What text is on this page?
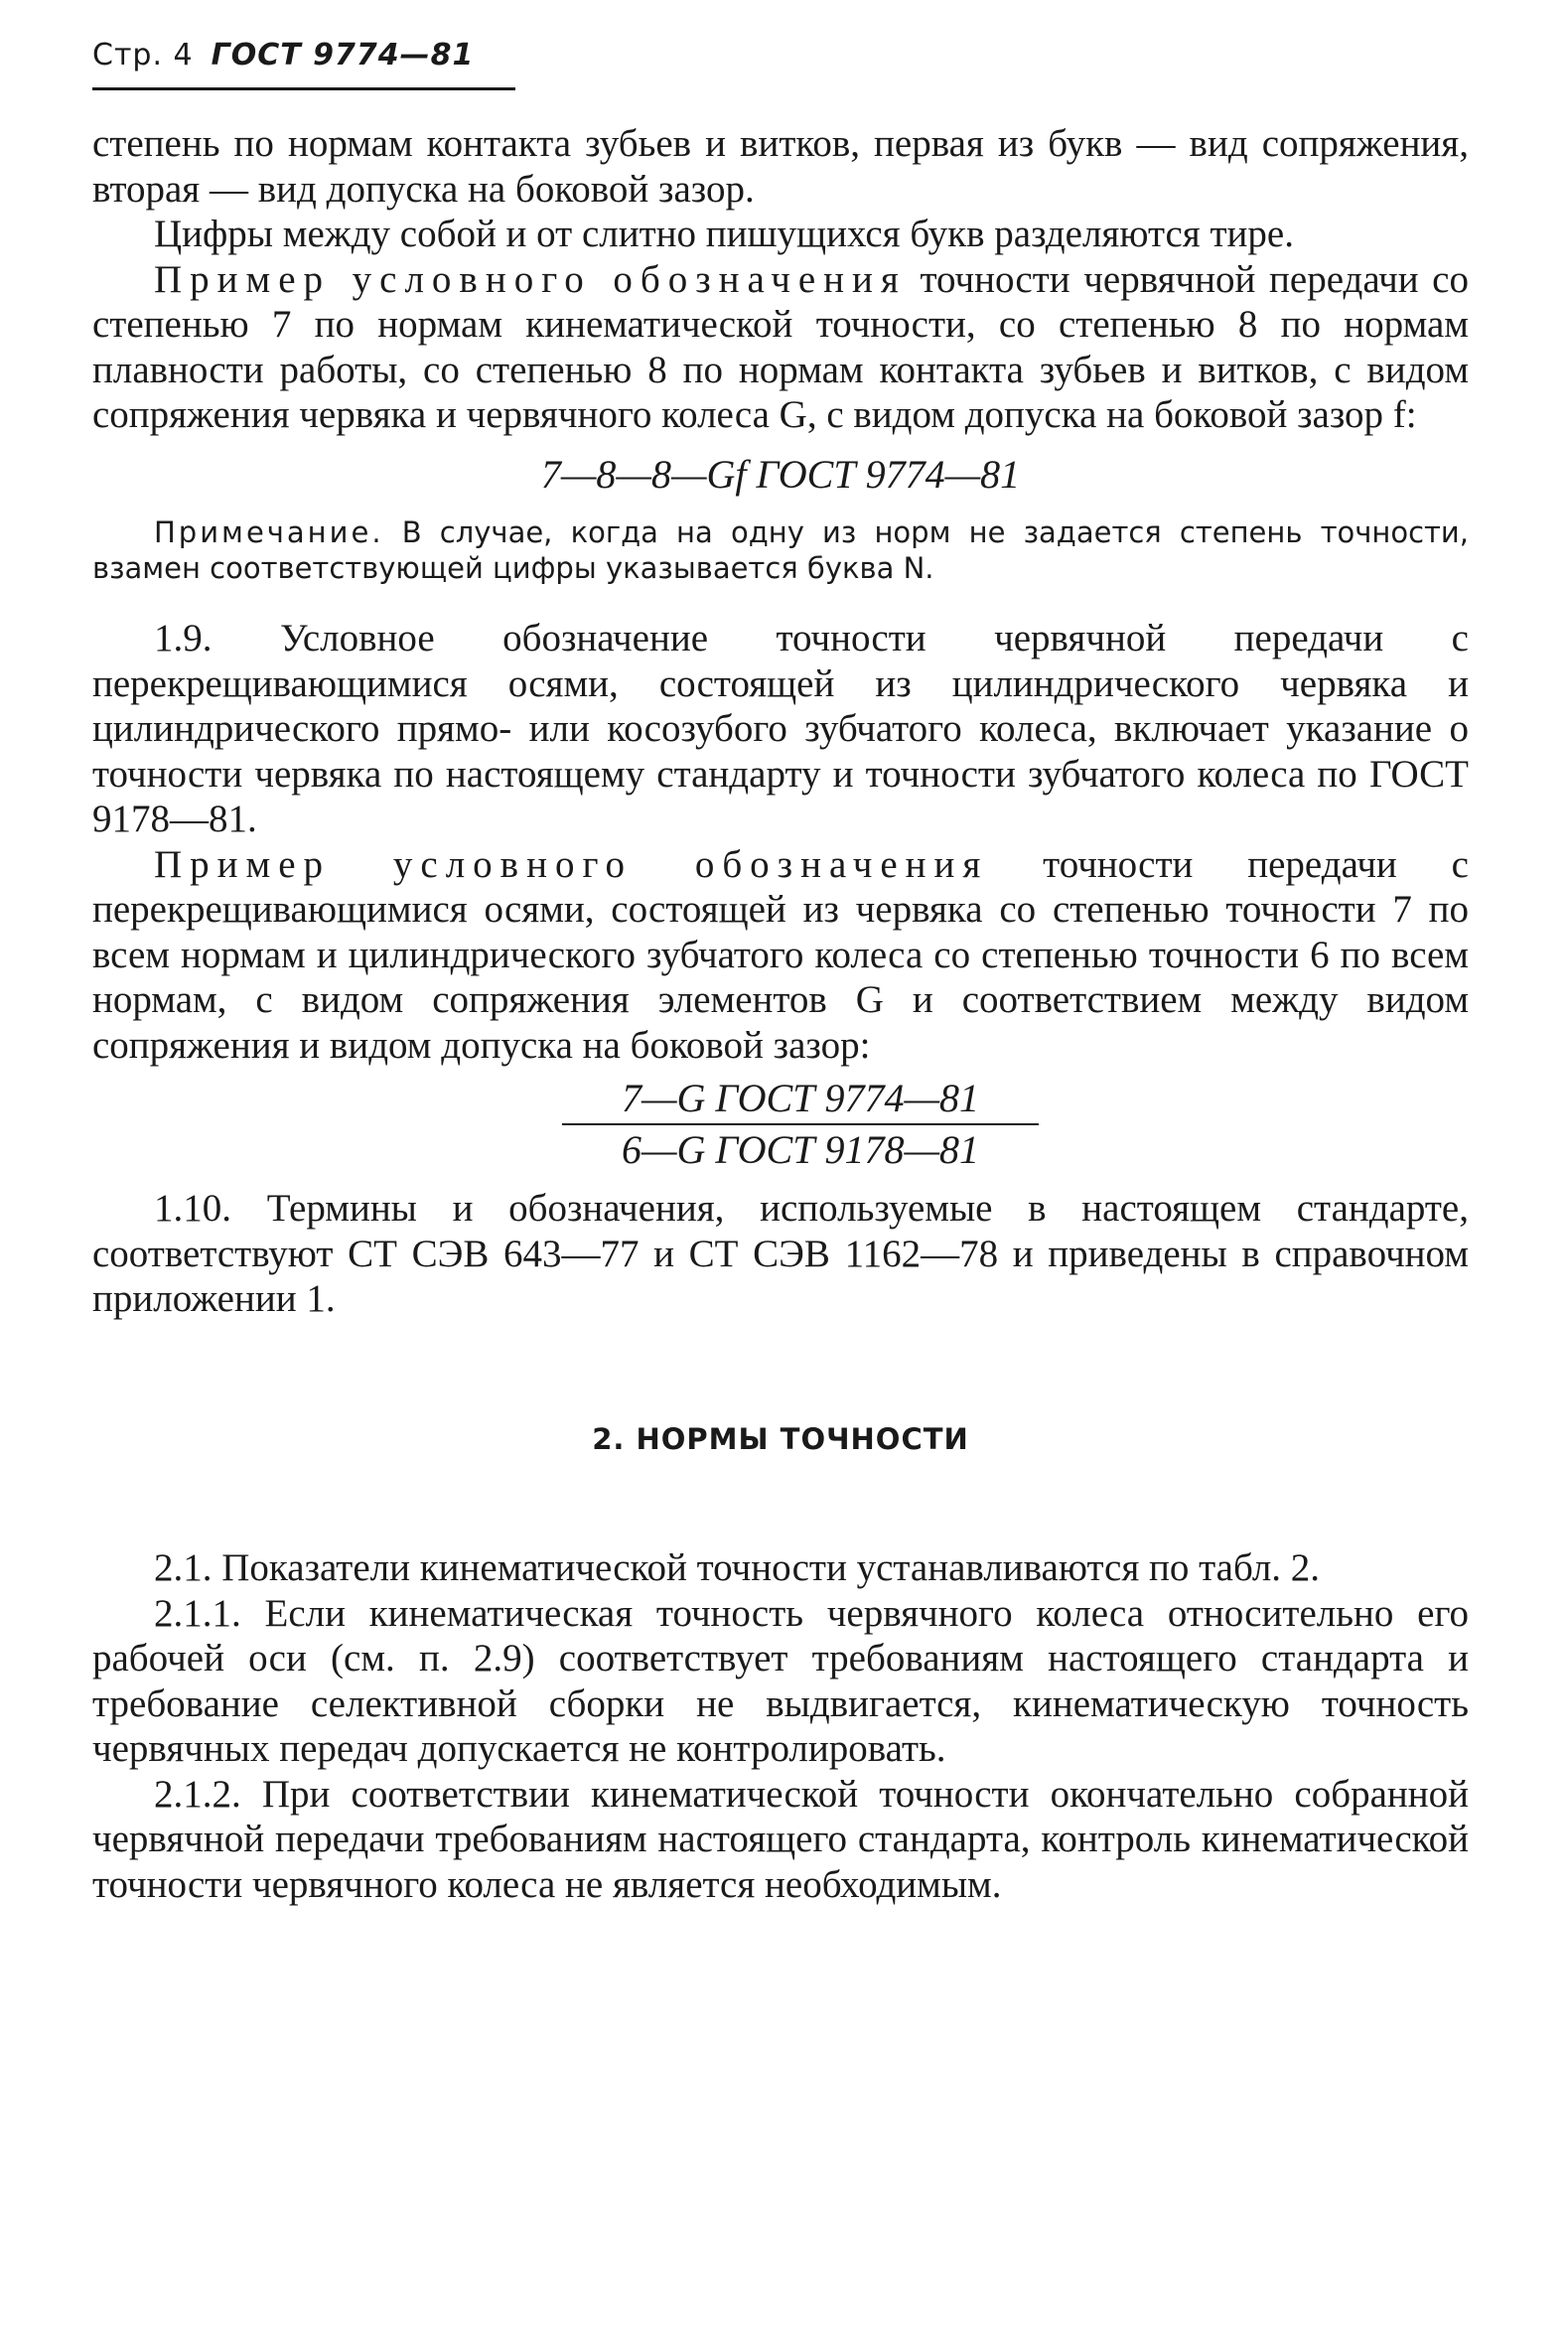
Стр. 4 ГОСТ 9774—81

степень по нормам контакта зубьев и витков, первая из букв — вид сопряжения, вторая — вид допуска на боковой зазор.

Цифры между собой и от слитно пишущихся букв разделяются тире.

Пример условного обозначения точности червячной передачи со степенью 7 по нормам кинематической точности, со степенью 8 по нормам плавности работы, со степенью 8 по нормам контакта зубьев и витков, с видом сопряжения червяка и червячного колеса G, с видом допуска на боковой зазор f:

7—8—8—Gf ГОСТ 9774—81
Примечание. В случае, когда на одну из норм не задается степень точности, взамен соответствующей цифры указывается буква N.

1.9. Условное обозначение точности червячной передачи с перекрещивающимися осями, состоящей из цилиндрического червяка и цилиндрического прямо- или косозубого зубчатого колеса, включает указание о точности червяка по настоящему стандарту и точности зубчатого колеса по ГОСТ 9178—81.

Пример условного обозначения точности передачи с перекрещивающимися осями, состоящей из червяка со степенью точности 7 по всем нормам и цилиндрического зубчатого колеса со степенью точности 6 по всем нормам, с видом сопряжения элементов G и соответствием между видом сопряжения и видом допуска на боковой зазор:

7—G ГОСТ 9774—81
6—G ГОСТ 9178—81

1.10. Термины и обозначения, используемые в настоящем стандарте, соответствуют СТ СЭВ 643—77 и СТ СЭВ 1162—78 и приведены в справочном приложении 1.

2. НОРМЫ ТОЧНОСТИ

2.1. Показатели кинематической точности устанавливаются по табл. 2.

2.1.1. Если кинематическая точность червячного колеса относительно его рабочей оси (см. п. 2.9) соответствует требованиям настоящего стандарта и требование селективной сборки не выдвигается, кинематическую точность червячных передач допускается не контролировать.

2.1.2. При соответствии кинематической точности окончательно собранной червячной передачи требованиям настоящего стандарта, контроль кинематической точности червячного колеса не является необходимым.
